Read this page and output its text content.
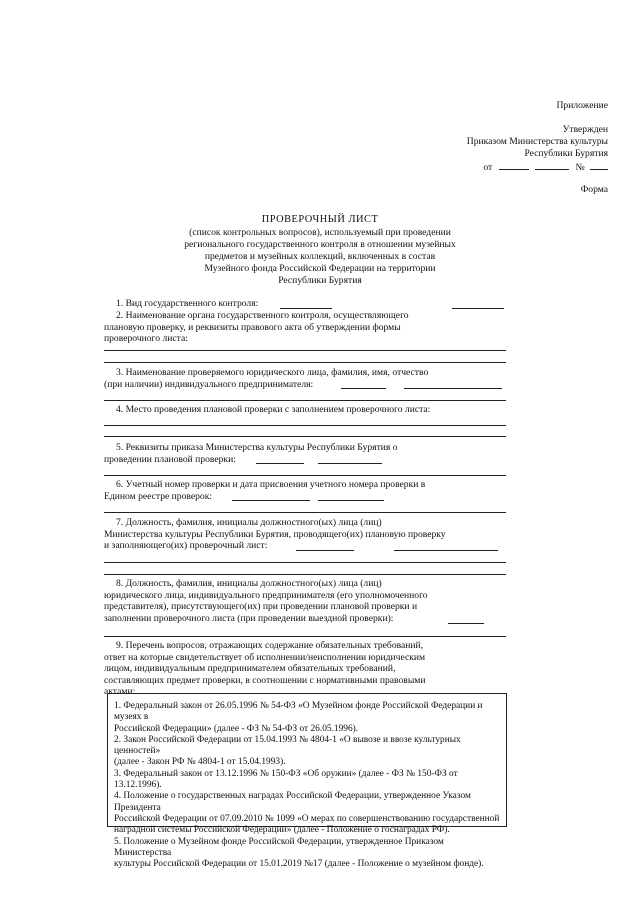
Приложение
Утвержден
Приказом Министерства культуры
Республики Бурятия
от	№
Форма
ПРОВЕРОЧНЫЙ ЛИСТ
(список контрольных вопросов), используемый при проведении
регионального государственного контроля в отношении музейных
предметов и музейных коллекций, включенных в состав
Музейного фонда Российской Федерации на территории
Республики Бурятия
1. Вид государственного контроля:

2. Наименование органа государственного контроля, осуществляющего

плановую проверку, и реквизиты правового акта об утверждении формы

проверочного листа:

3. Наименование проверяемого юридического лица, фамилия, имя, отчество

(при наличии) индивидуального предпринимателя:

4. Место проведения плановой проверки с заполнением проверочного листа:

5. Реквизиты приказа Министерства культуры Республики Бурятия о

проведении плановой проверки:

6. Учетный номер проверки и дата присвоения учетного номера проверки в

Едином реестре проверок:

7. Должность, фамилия, инициалы должностного(ых) лица (лиц)

Министерства культуры Республики Бурятия, проводящего(их) плановую проверку

и заполняющего(их) проверочный лист:

8. Должность, фамилия, инициалы должностного(ых) лица (лиц)

юридического лица, индивидуального предпринимателя (его уполномоченного

представителя), присутствующего(их) при проведении плановой проверки и

заполнении проверочного листа (при проведении выездной проверки):

9. Перечень вопросов, отражающих содержание обязательных требований,

ответ на которые свидетельствует об исполнении/неисполнении юридическим

лицом, индивидуальным предпринимателем обязательных требований,

составляющих предмет проверки, в соотношении с нормативными правовыми

актами:

1. Федеральный закон от 26.05.1996 № 54-ФЗ «О Музейном фонде Российской Федерации и музеях в

Российской Федерации» (далее - ФЗ № 54-ФЗ от 26.05.1996).

2. Закон Российской Федерации от 15.04.1993 № 4804-1 «О вывозе и ввозе культурных ценностей»

(далее - Закон РФ № 4804-1 от 15.04.1993).

3. Федеральный закон от 13.12.1996 № 150-ФЗ «Об оружии» (далее - ФЗ № 150-ФЗ от 13.12.1996).

4. Положение о государственных наградах Российской Федерации, утвержденное Указом Президента

Российской Федерации от 07.09.2010 № 1099 «О мерах по совершенствованию государственной

наградной системы Российской Федерации» (далее - Положение о госнаградах РФ).

5. Положение о Музейном фонде Российской Федерации, утвержденное Приказом Министерства

культуры Российской Федерации от 15.01.2019 №17 (далее - Положение о музейном фонде).
